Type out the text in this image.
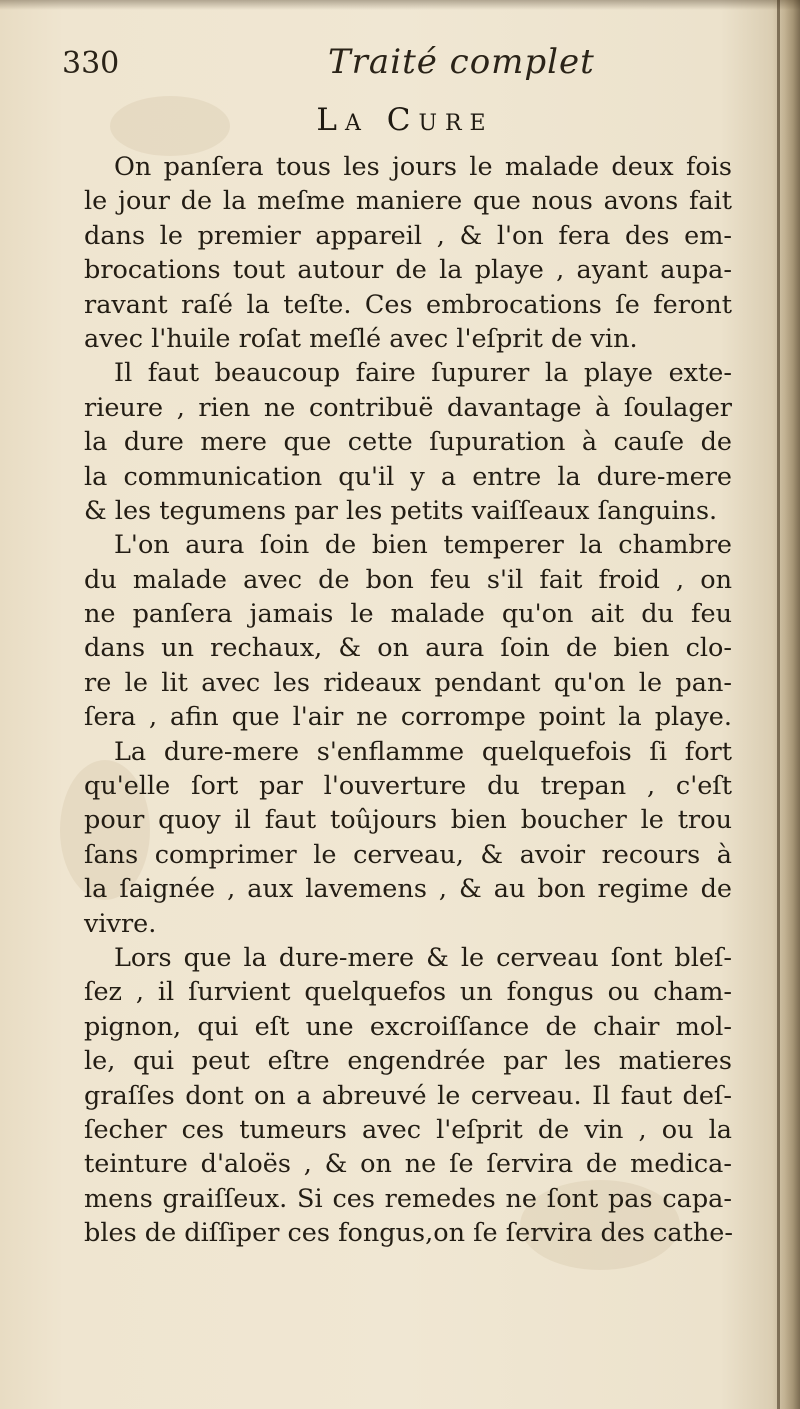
330	Traité complet
La Cure
On panſera tous les jours le malade deux fois
le jour de la meſme maniere que nous avons fait
dans le premier appareil , & l'on fera des em-
brocations tout autour de la playe , ayant aupa-
ravant raſé la teſte. Ces embrocations ſe feront
avec l'huile roſat meſlé avec l'eſprit de vin.
Il faut beaucoup faire ſupurer la playe exte-
rieure , rien ne contribuë davantage à ſoulager
la dure mere que cette ſupuration à cauſe de
la communication qu'il y a entre la dure-mere
& les tegumens par les petits vaiſſeaux ſanguins.
L'on aura ſoin de bien temperer la chambre
du malade avec de bon feu s'il fait froid , on
ne panſera jamais le malade qu'on ait du feu
dans un rechaux, & on aura ſoin de bien clo-
re le lit avec les rideaux pendant qu'on le pan-
ſera , afin que l'air ne corrompe point la playe.
La dure-mere s'enflamme quelquefois ſi fort
qu'elle ſort par l'ouverture du trepan , c'eſt
pour quoy il faut toûjours bien boucher le trou
ſans comprimer le cerveau, & avoir recours à
la ſaignée , aux lavemens , & au bon regime de
vivre.
Lors que la dure-mere & le cerveau ſont bleſ-
ſez , il ſurvient quelquefos un fongus ou cham-
pignon, qui eſt une excroiſſance de chair mol-
le, qui peut eſtre engendrée par les matieres
graſſes dont on a abreuvé le cerveau. Il faut deſ-
ſecher ces tumeurs avec l'eſprit de vin , ou la
teinture d'aloës , & on ne ſe ſervira de medica-
mens graiſſeux. Si ces remedes ne ſont pas capa-
bles de diſſiper ces fongus,on ſe ſervira des cathe-
